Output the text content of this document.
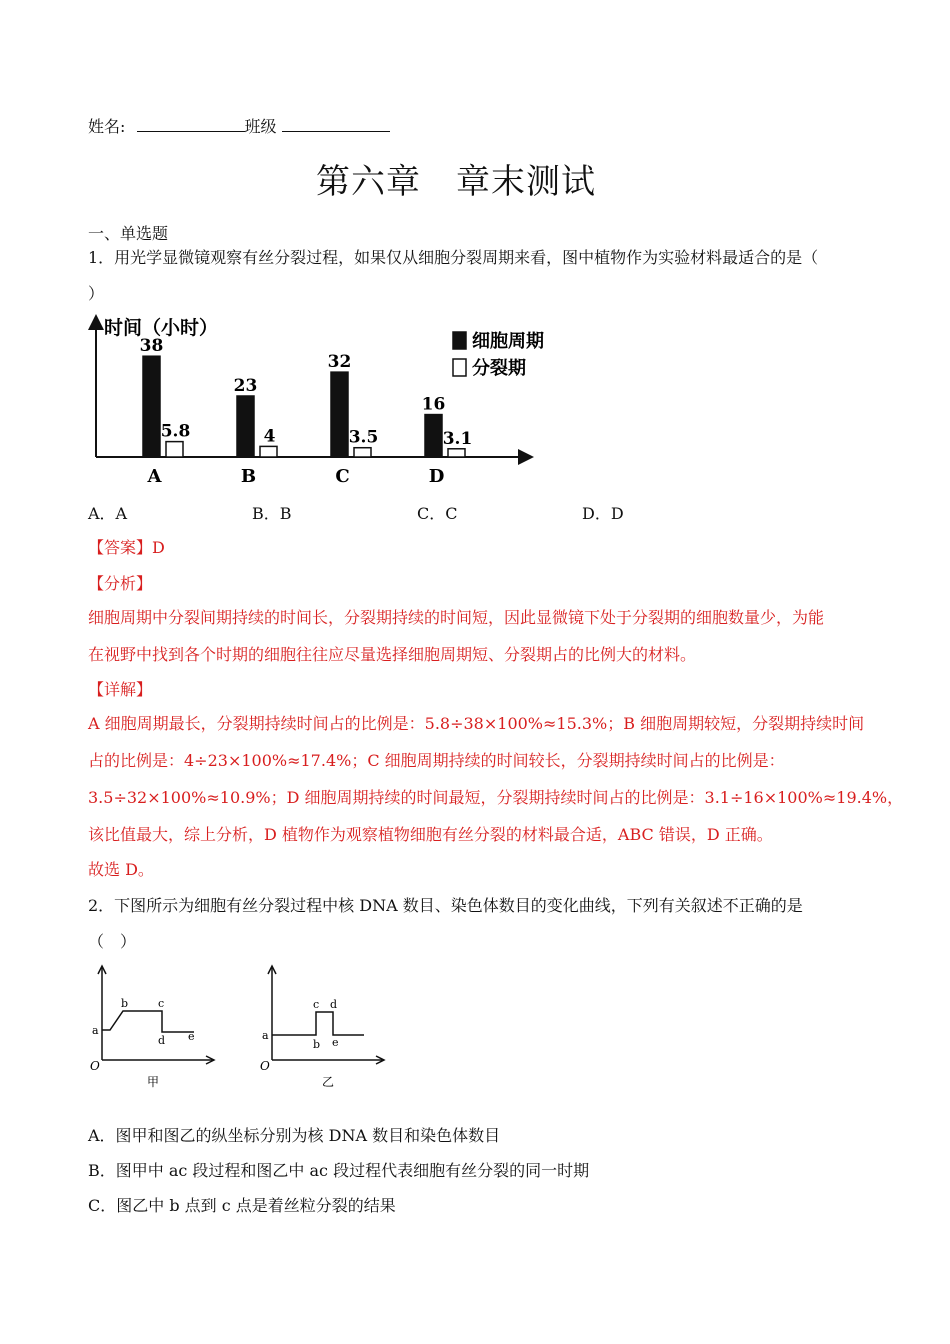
姓名:	班级
第六章　章末测试
一、单选题
1．用光学显微镜观察有丝分裂过程，如果仅从细胞分裂周期来看，图中植物作为实验材料最适合的是（
）
时间（小时）
细胞周期
分裂期
38
5.8
A
23
4
B
32
3.5
C
16
3.1
D
A．A	B．B	C．C	D．D
【答案】D
【分析】
细胞周期中分裂间期持续的时间长，分裂期持续的时间短，因此显微镜下处于分裂期的细胞数量少，为能
在视野中找到各个时期的细胞往往应尽量选择细胞周期短、分裂期占的比例大的材料。
【详解】
A 细胞周期最长，分裂期持续时间占的比例是：5.8÷38×100%≈15.3%；B 细胞周期较短，分裂期持续时间
占的比例是：4÷23×100%≈17.4%；C 细胞周期持续的时间较长，分裂期持续时间占的比例是：
3.5÷32×100%≈10.9%；D 细胞周期持续的时间最短，分裂期持续时间占的比例是：3.1÷16×100%≈19.4%，
该比值最大，综上分析，D 植物作为观察植物细胞有丝分裂的材料最合适，ABC 错误，D 正确。
故选 D。
2．下图所示为细胞有丝分裂过程中核 DNA 数目、染色体数目的变化曲线，下列有关叙述不正确的是
（　）
a
b	c
d e
O
甲
a
b
c d
e
O
乙
A．图甲和图乙的纵坐标分别为核 DNA 数目和染色体数目
B．图甲中 ac 段过程和图乙中 ac 段过程代表细胞有丝分裂的同一时期
C．图乙中 b 点到 c 点是着丝粒分裂的结果
